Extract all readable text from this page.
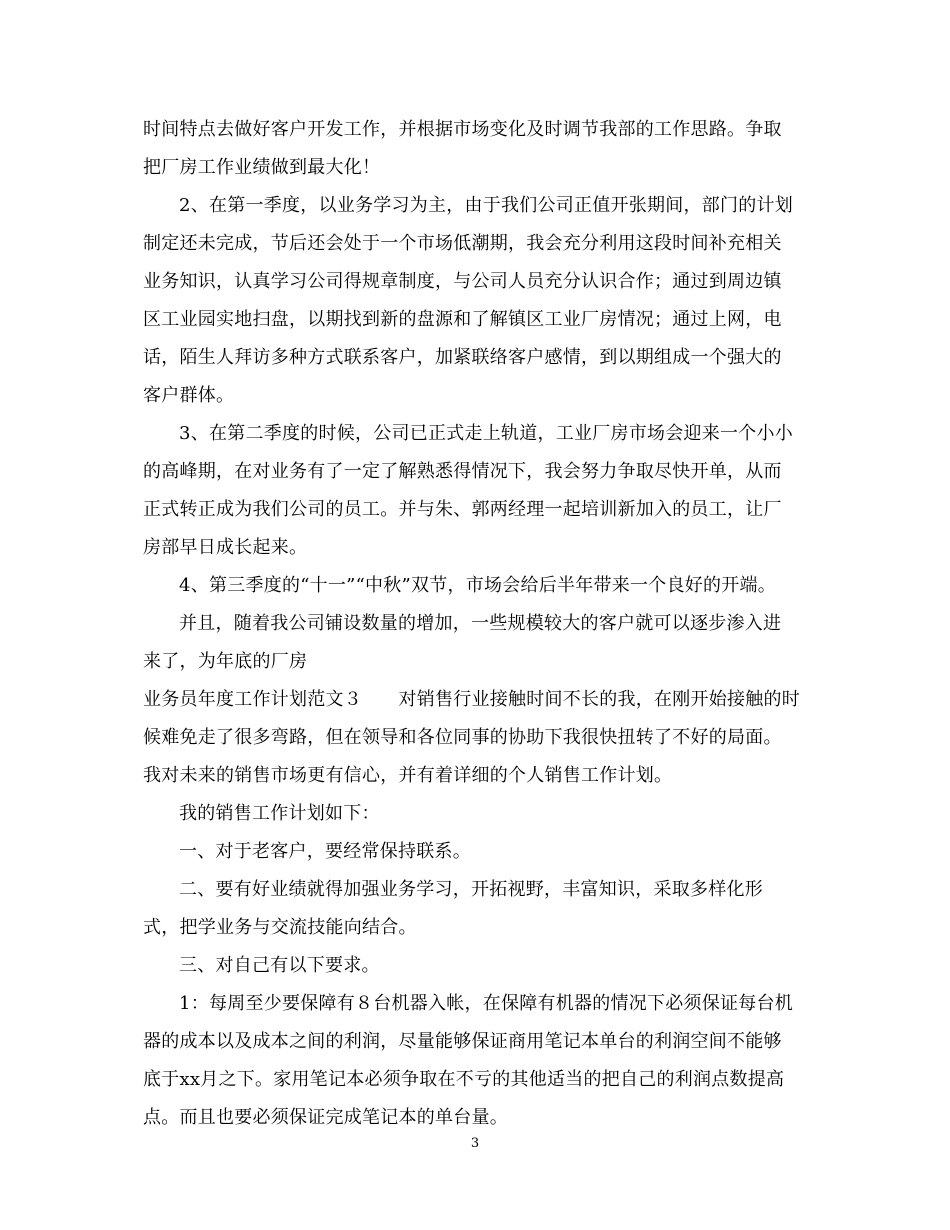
时间特点去做好客户开发工作，并根据市场变化及时调节我部的工作思路。争取

把厂房工作业绩做到最大化！

2、在第一季度，以业务学习为主，由于我们公司正值开张期间，部门的计划

制定还未完成，节后还会处于一个市场低潮期，我会充分利用这段时间补充相关

业务知识，认真学习公司得规章制度，与公司人员充分认识合作；通过到周边镇

区工业园实地扫盘，以期找到新的盘源和了解镇区工业厂房情况；通过上网，电

话，陌生人拜访多种方式联系客户，加紧联络客户感情，到以期组成一个强大的

客户群体。

3、在第二季度的时候，公司已正式走上轨道，工业厂房市场会迎来一个小小

的高峰期，在对业务有了一定了解熟悉得情况下，我会努力争取尽快开单，从而

正式转正成为我们公司的员工。并与朱、郭两经理一起培训新加入的员工，让厂

房部早日成长起来。

4、第三季度的“十一”“中秋”双节，市场会给后半年带来一个良好的开端。

并且，随着我公司铺设数量的增加，一些规模较大的客户就可以逐步渗入进

来了，为年底的厂房

业务员年度工作计划范文３　　对销售行业接触时间不长的我，在刚开始接触的时

候难免走了很多弯路，但在领导和各位同事的协助下我很快扭转了不好的局面。

我对未来的销售市场更有信心，并有着详细的个人销售工作计划。

我的销售工作计划如下：

一、对于老客户，要经常保持联系。

二、要有好业绩就得加强业务学习，开拓视野，丰富知识，采取多样化形

式，把学业务与交流技能向结合。

三、对自己有以下要求。

1：每周至少要保障有８台机器入帐，在保障有机器的情况下必须保证每台机

器的成本以及成本之间的利润，尽量能够保证商用笔记本单台的利润空间不能够

底于xx月之下。家用笔记本必须争取在不亏的其他适当的把自己的利润点数提高

点。而且也要必须保证完成笔记本的单台量。

3
